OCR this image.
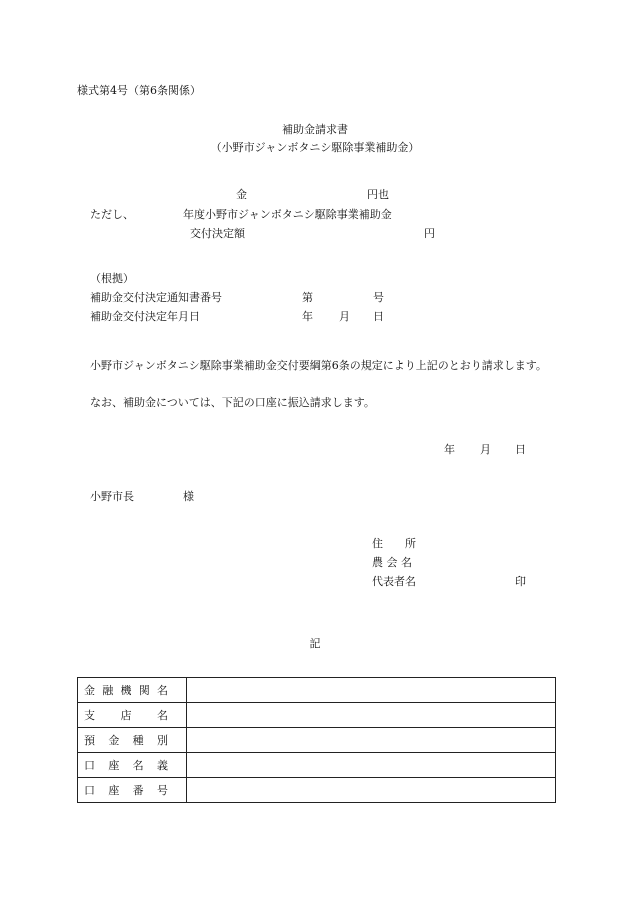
様式第4号（第6条関係）
補助金請求書
（小野市ジャンボタニシ駆除事業補助金）
金	円也
ただし、	年度小野市ジャンボタニシ駆除事業補助金
交付決定額	円
（根拠）
補助金交付決定通知書番号	第	号
補助金交付決定年月日	年 月 日
小野市ジャンボタニシ駆除事業補助金交付要綱第6条の規定により上記のとおり請求します。
なお、補助金については、下記の口座に振込請求します。
年 月 日
小野市長	様
住　　所
農 会 名
代表者名	印
記
金 融 機 関 名	

支 店 名	

預 金 種 別	

口 座 名 義	

口 座 番 号	
